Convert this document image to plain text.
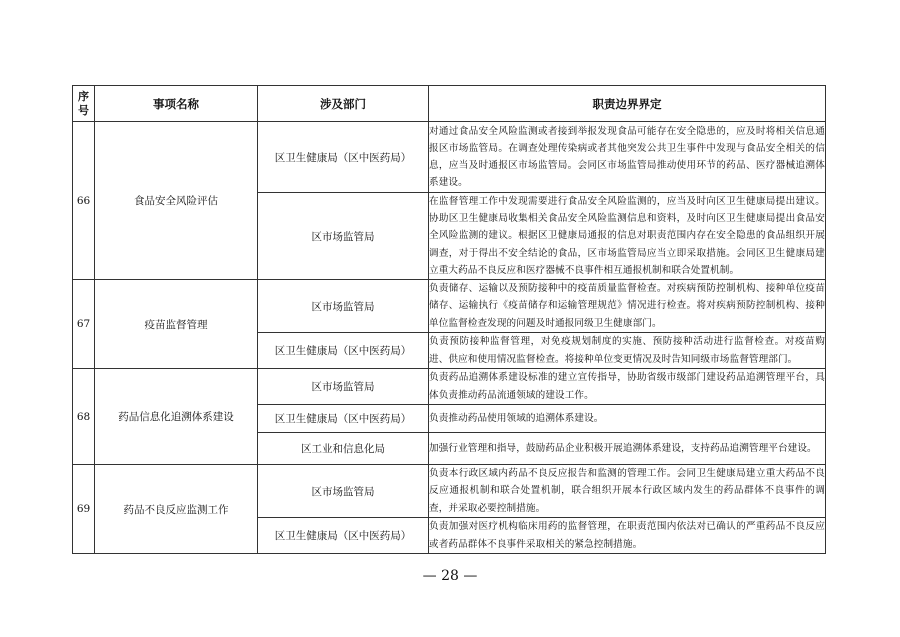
序号	事项名称	涉及部门	职责边界界定
66	食品安全风险评估	区卫生健康局（区中医药局）	对通过食品安全风险监测或者接到举报发现食品可能存在安全隐患的，应及时将相关信息通报区市场监管局。在调查处理传染病或者其他突发公共卫生事件中发现与食品安全相关的信息，应当及时通报区市场监管局。会同区市场监管局推动使用环节的药品、医疗器械追溯体系建设。
		区市场监管局	在监督管理工作中发现需要进行食品安全风险监测的，应当及时向区卫生健康局提出建议。协助区卫生健康局收集相关食品安全风险监测信息和资料，及时向区卫生健康局提出食品安全风险监测的建议。根据区卫健康局通报的信息对职责范围内存在安全隐患的食品组织开展调查，对于得出不安全结论的食品，区市场监管局应当立即采取措施。会同区卫生健康局建立重大药品不良反应和医疗器械不良事件相互通报机制和联合处置机制。
67	疫苗监督管理	区市场监管局	负责储存、运输以及预防接种中的疫苗质量监督检查。对疾病预防控制机构、接种单位疫苗储存、运输执行《疫苗储存和运输管理规范》情况进行检查。将对疾病预防控制机构、接种单位监督检查发现的问题及时通报同级卫生健康部门。
		区卫生健康局（区中医药局）	负责预防接种监督管理，对免疫规划制度的实施、预防接种活动进行监督检查。对疫苗购进、供应和使用情况监督检查。将接种单位变更情况及时告知同级市场监督管理部门。
68	药品信息化追溯体系建设	区市场监管局	负责药品追溯体系建设标准的建立宣传指导，协助省级市级部门建设药品追溯管理平台，具体负责推动药品流通领域的建设工作。
		区卫生健康局（区中医药局）	负责推动药品使用领域的追溯体系建设。
		区工业和信息化局	加强行业管理和指导，鼓励药品企业积极开展追溯体系建设，支持药品追溯管理平台建设。
69	药品不良反应监测工作	区市场监管局	负责本行政区域内药品不良反应报告和监测的管理工作。会同卫生健康局建立重大药品不良反应通报机制和联合处置机制，联合组织开展本行政区域内发生的药品群体不良事件的调查，并采取必要控制措施。
		区卫生健康局（区中医药局）	负责加强对医疗机构临床用药的监督管理，在职责范围内依法对已确认的严重药品不良反应或者药品群体不良事件采取相关的紧急控制措施。
— 28 —
